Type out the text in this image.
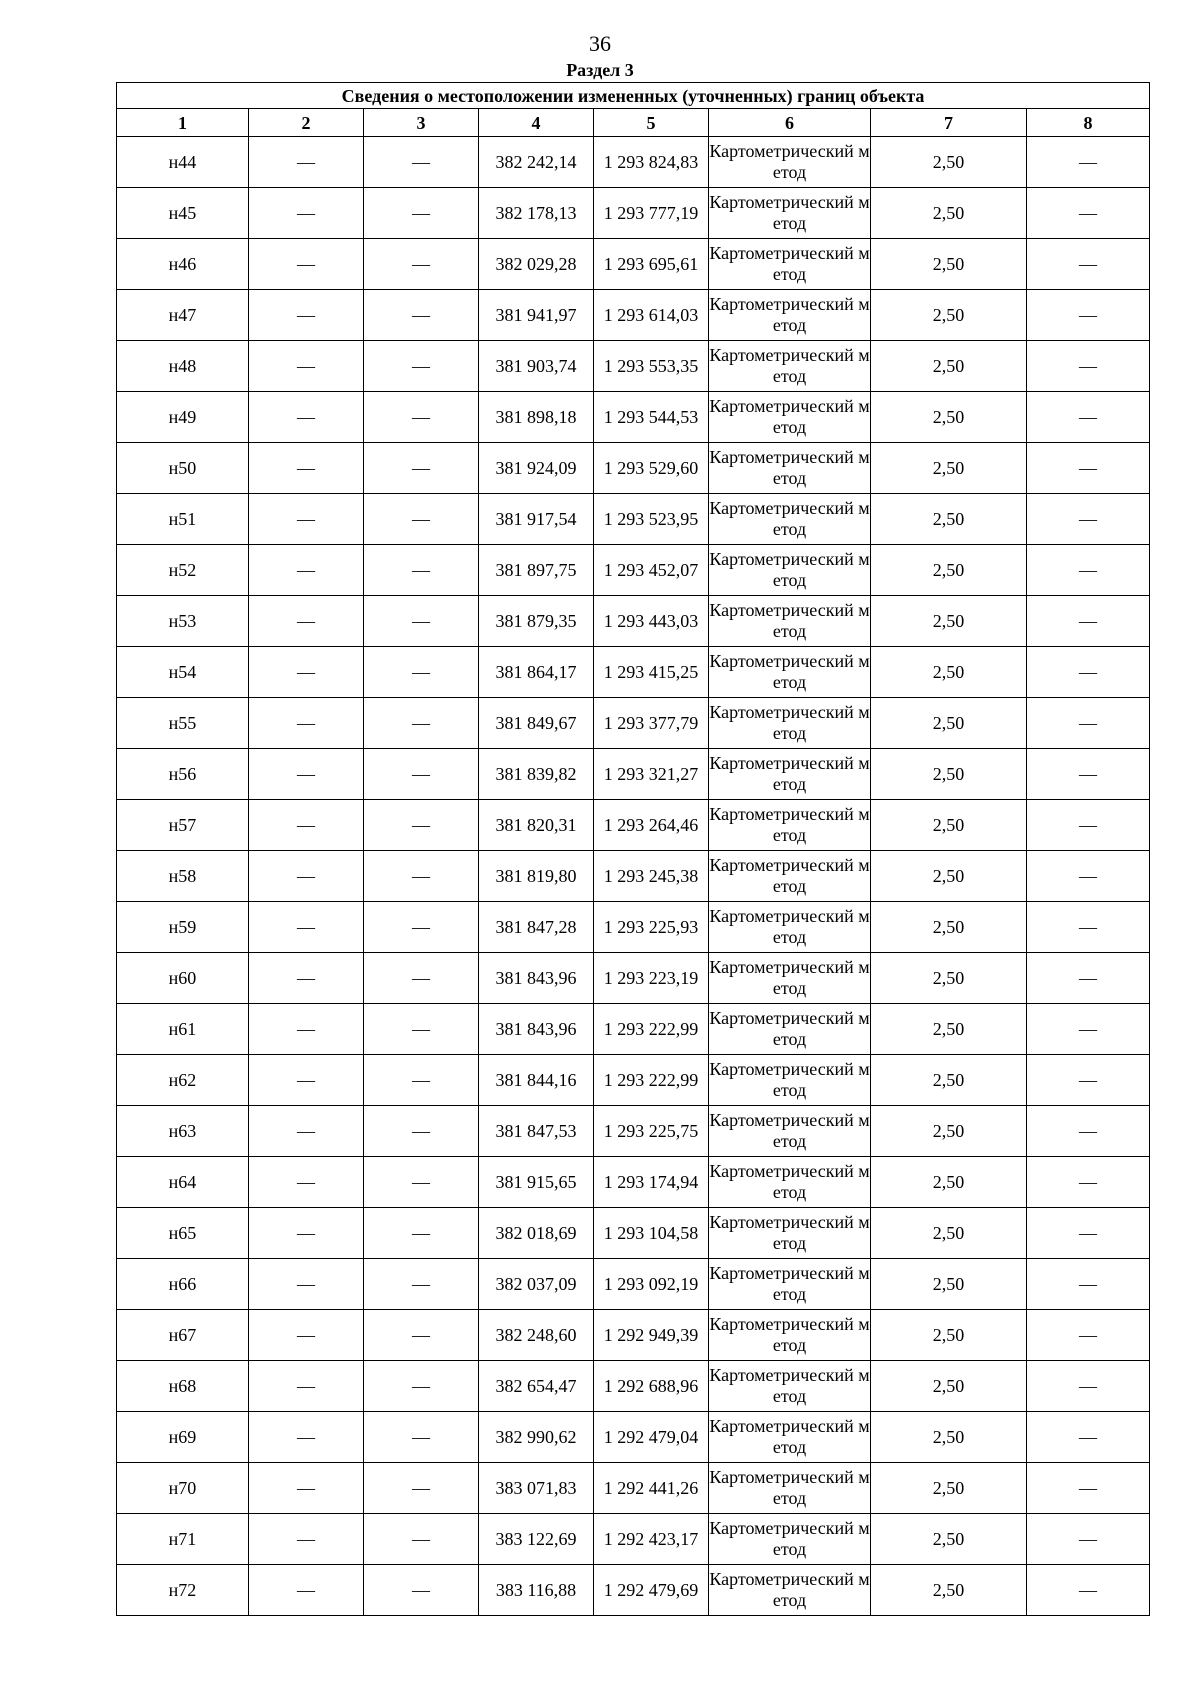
36
Раздел 3
Сведения о местоположении измененных (уточненных) границ объекта							
1	2	3	4	5	6	7	8
н44	—	—	382 242,14	1 293 824,83	Картометрический метод	2,50	—
н45	—	—	382 178,13	1 293 777,19	Картометрический метод	2,50	—
н46	—	—	382 029,28	1 293 695,61	Картометрический метод	2,50	—
н47	—	—	381 941,97	1 293 614,03	Картометрический метод	2,50	—
н48	—	—	381 903,74	1 293 553,35	Картометрический метод	2,50	—
н49	—	—	381 898,18	1 293 544,53	Картометрический метод	2,50	—
н50	—	—	381 924,09	1 293 529,60	Картометрический метод	2,50	—
н51	—	—	381 917,54	1 293 523,95	Картометрический метод	2,50	—
н52	—	—	381 897,75	1 293 452,07	Картометрический метод	2,50	—
н53	—	—	381 879,35	1 293 443,03	Картометрический метод	2,50	—
н54	—	—	381 864,17	1 293 415,25	Картометрический метод	2,50	—
н55	—	—	381 849,67	1 293 377,79	Картометрический метод	2,50	—
н56	—	—	381 839,82	1 293 321,27	Картометрический метод	2,50	—
н57	—	—	381 820,31	1 293 264,46	Картометрический метод	2,50	—
н58	—	—	381 819,80	1 293 245,38	Картометрический метод	2,50	—
н59	—	—	381 847,28	1 293 225,93	Картометрический метод	2,50	—
н60	—	—	381 843,96	1 293 223,19	Картометрический метод	2,50	—
н61	—	—	381 843,96	1 293 222,99	Картометрический метод	2,50	—
н62	—	—	381 844,16	1 293 222,99	Картометрический метод	2,50	—
н63	—	—	381 847,53	1 293 225,75	Картометрический метод	2,50	—
н64	—	—	381 915,65	1 293 174,94	Картометрический метод	2,50	—
н65	—	—	382 018,69	1 293 104,58	Картометрический метод	2,50	—
н66	—	—	382 037,09	1 293 092,19	Картометрический метод	2,50	—
н67	—	—	382 248,60	1 292 949,39	Картометрический метод	2,50	—
н68	—	—	382 654,47	1 292 688,96	Картометрический метод	2,50	—
н69	—	—	382 990,62	1 292 479,04	Картометрический метод	2,50	—
н70	—	—	383 071,83	1 292 441,26	Картометрический метод	2,50	—
н71	—	—	383 122,69	1 292 423,17	Картометрический метод	2,50	—
н72	—	—	383 116,88	1 292 479,69	Картометрический метод	2,50	—
